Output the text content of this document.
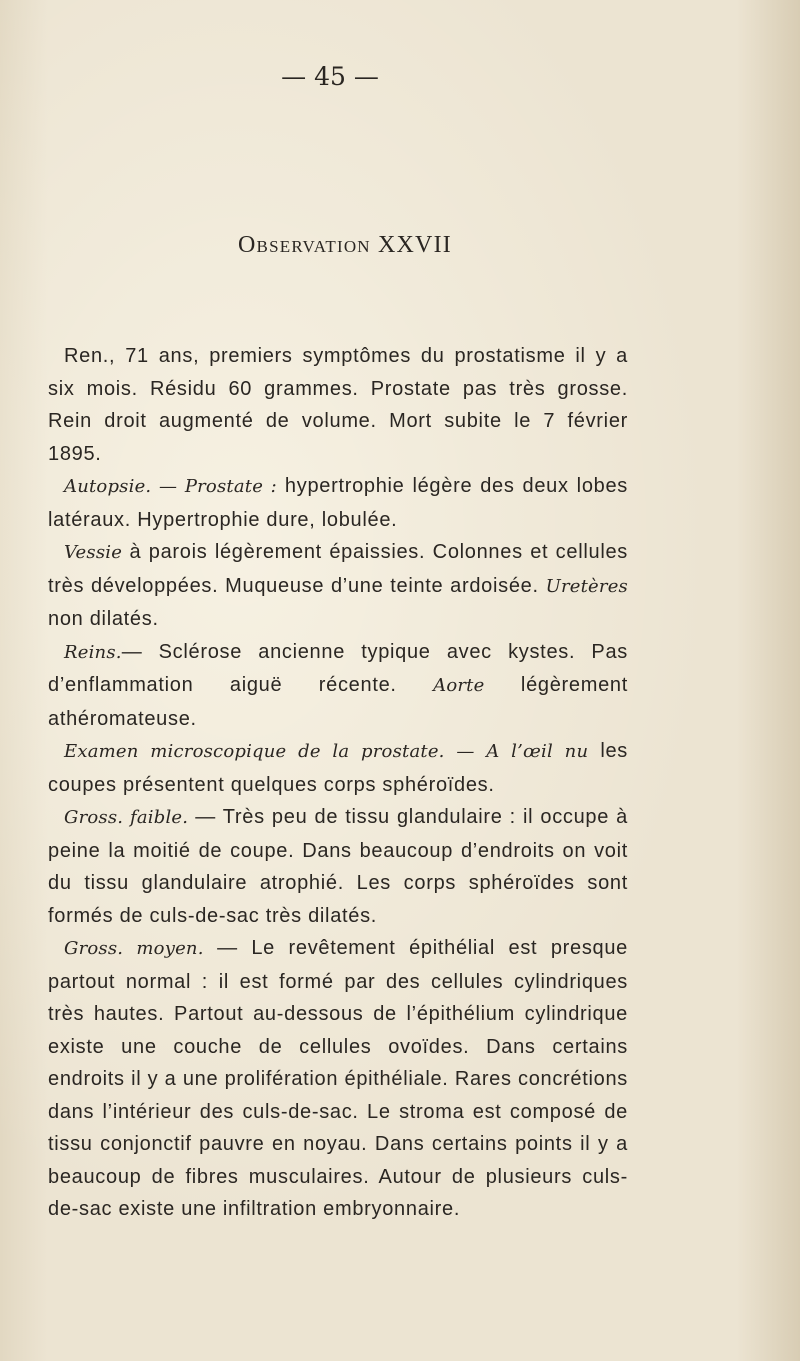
— 45 —
Observation XXVII

Ren., 71 ans, premiers symptômes du prostatisme il y a six mois. Résidu 60 grammes. Prostate pas très grosse. Rein droit augmenté de volume. Mort subite le 7 février 1895.

Autopsie. — Prostate : hypertrophie légère des deux lobes latéraux. Hypertrophie dure, lobulée.

Vessie à parois légèrement épaissies. Colonnes et cellules très développées. Muqueuse d’une teinte ardoisée. Uretères non dilatés.

Reins.— Sclérose ancienne typique avec kystes. Pas d’enflammation aiguë récente. Aorte légèrement athéromateuse.

Examen microscopique de la prostate. — A l’œil nu les coupes présentent quelques corps sphéroïdes.

Gross. faible. — Très peu de tissu glandulaire : il occupe à peine la moitié de coupe. Dans beaucoup d’endroits on voit du tissu glandulaire atrophié. Les corps sphéroïdes sont formés de culs-de-sac très dilatés.

Gross. moyen. — Le revêtement épithélial est presque partout normal : il est formé par des cellules cylindriques très hautes. Partout au-dessous de l’épithélium cylindrique existe une couche de cellules ovoïdes. Dans certains endroits il y a une prolifération épithéliale. Rares concrétions dans l’intérieur des culs-de-sac. Le stroma est composé de tissu conjonctif pauvre en noyau. Dans certains points il y a beaucoup de fibres musculaires. Autour de plusieurs culs-de-sac existe une infiltration embryonnaire.
